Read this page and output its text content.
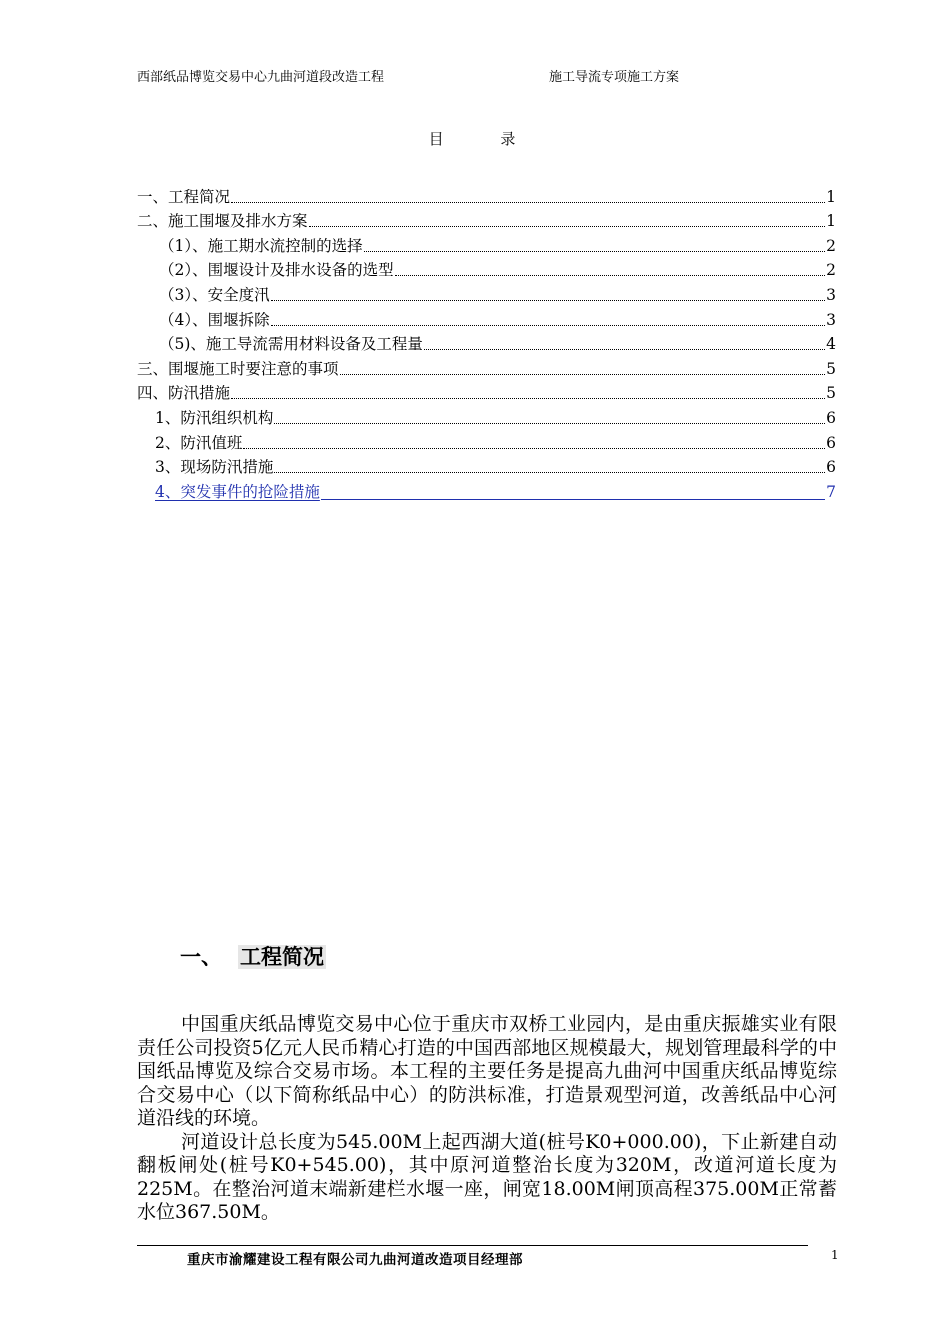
西部纸品博览交易中心九曲河道段改造工程	施工导流专项施工方案
目 录
一、工程简况	1
二、施工围堰及排水方案	1
（1）、施工期水流控制的选择	2
（2）、围堰设计及排水设备的选型	2
（3）、安全度汛	3
（4）、围堰拆除	3
（5)、施工导流需用材料设备及工程量	4
三、围堰施工时要注意的事项	5
四、防汛措施	5
1、防汛组织机构	6
2、防汛值班	6
3、现场防汛措施	6
4、突发事件的抢险措施	7
一、 工程简况

中国重庆纸品博览交易中心位于重庆市双桥工业园内，是由重庆振雄实业有限责任公司投资5亿元人民币精心打造的中国西部地区规模最大，规划管理最科学的中国纸品博览及综合交易市场。本工程的主要任务是提高九曲河中国重庆纸品博览综合交易中心（以下简称纸品中心）的防洪标准，打造景观型河道，改善纸品中心河道沿线的环境。

河道设计总长度为545.00M上起西湖大道(桩号K0+000.00)，下止新建自动翻板闸处(桩号K0+545.00)，其中原河道整治长度为320M，改道河道长度为225M。在整治河道末端新建栏水堰一座，闸宽18.00M闸顶高程375.00M正常蓄水位367.50M。

重庆市渝耀建设工程有限公司九曲河道改造项目经理部	1
